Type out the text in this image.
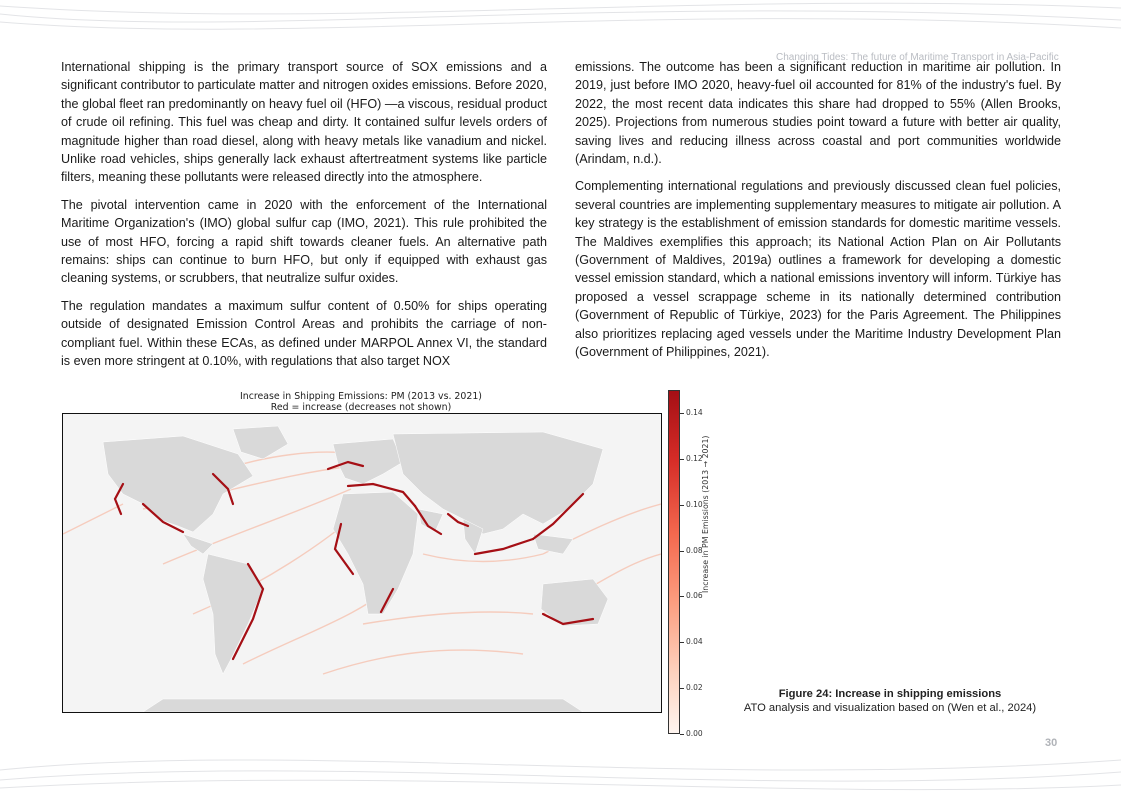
Changing Tides: The future of Maritime Transport in Asia-Pacific

International shipping is the primary transport source of SOX emissions and a significant contributor to particulate matter and nitrogen oxides emissions. Before 2020, the global fleet ran predominantly on heavy fuel oil (HFO) —a viscous, residual product of crude oil refining. This fuel was cheap and dirty. It contained sulfur levels orders of magnitude higher than road diesel, along with heavy metals like vanadium and nickel. Unlike road vehicles, ships generally lack exhaust aftertreatment systems like particle filters, meaning these pollutants were released directly into the atmosphere.

The pivotal intervention came in 2020 with the enforcement of the International Maritime Organization's (IMO) global sulfur cap (IMO, 2021). This rule prohibited the use of most HFO, forcing a rapid shift towards cleaner fuels. An alternative path remains: ships can continue to burn HFO, but only if equipped with exhaust gas cleaning systems, or scrubbers, that neutralize sulfur oxides.

The regulation mandates a maximum sulfur content of 0.50% for ships operating outside of designated Emission Control Areas and prohibits the carriage of non-compliant fuel. Within these ECAs, as defined under MARPOL Annex VI, the standard is even more stringent at 0.10%, with regulations that also target NOX

emissions. The outcome has been a significant reduction in maritime air pollution. In 2019, just before IMO 2020, heavy-fuel oil accounted for 81% of the industry's fuel. By 2022, the most recent data indicates this share had dropped to 55% (Allen Brooks, 2025). Projections from numerous studies point toward a future with better air quality, saving lives and reducing illness across coastal and port communities worldwide (Arindam, n.d.).

Complementing international regulations and previously discussed clean fuel policies, several countries are implementing supplementary measures to mitigate air pollution. A key strategy is the establishment of emission standards for domestic maritime vessels. The Maldives exemplifies this approach; its National Action Plan on Air Pollutants (Government of Maldives, 2019a) outlines a framework for developing a domestic vessel emission standard, which a national emissions inventory will inform. Türkiye has proposed a vessel scrappage scheme in its nationally determined contribution (Government of Republic of Türkiye, 2023) for the Paris Agreement. The Philippines also prioritizes replacing aged vessels under the Maritime Industry Development Plan (Government of Philippines, 2021).

Increase in Shipping Emissions: PM (2013 vs. 2021)
Red = increase (decreases not shown)
0.00
0.02
0.04
0.06
0.08
0.10
0.12
0.14
Increase in PM Emissions (2013 → 2021)
Figure 24: Increase in shipping emissions
ATO analysis and visualization based on (Wen et al., 2024)
30
